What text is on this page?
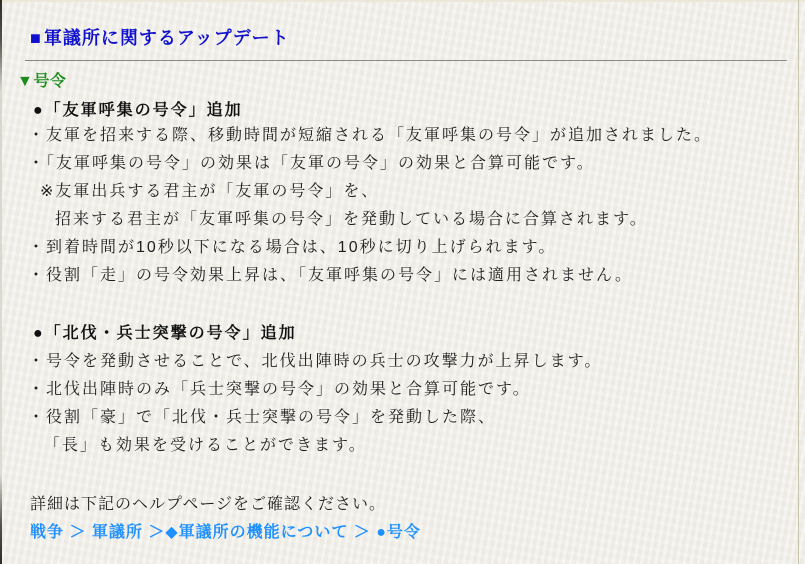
■ 軍議所に関するアップデート
▼号令
●「友軍呼集の号令」追加
・友軍を招来する際、移動時間が短縮される「友軍呼集の号令」が追加されました。
・「友軍呼集の号令」の効果は「友軍の号令」の効果と合算可能です。
※友軍出兵する君主が「友軍の号令」を、
招来する君主が「友軍呼集の号令」を発動している場合に合算されます。
・到着時間が10秒以下になる場合は、10秒に切り上げられます。
・役割「走」の号令効果上昇は、「友軍呼集の号令」には適用されません。
●「北伐・兵士突撃の号令」追加
・号令を発動させることで、北伐出陣時の兵士の攻撃力が上昇します。
・北伐出陣時のみ「兵士突撃の号令」の効果と合算可能です。
・役割「豪」で「北伐・兵士突撃の号令」を発動した際、
「長」も効果を受けることができます。
詳細は下記のヘルプページをご確認ください。
戦争 ＞ 軍議所 ＞◆軍議所の機能について ＞ ●号令
